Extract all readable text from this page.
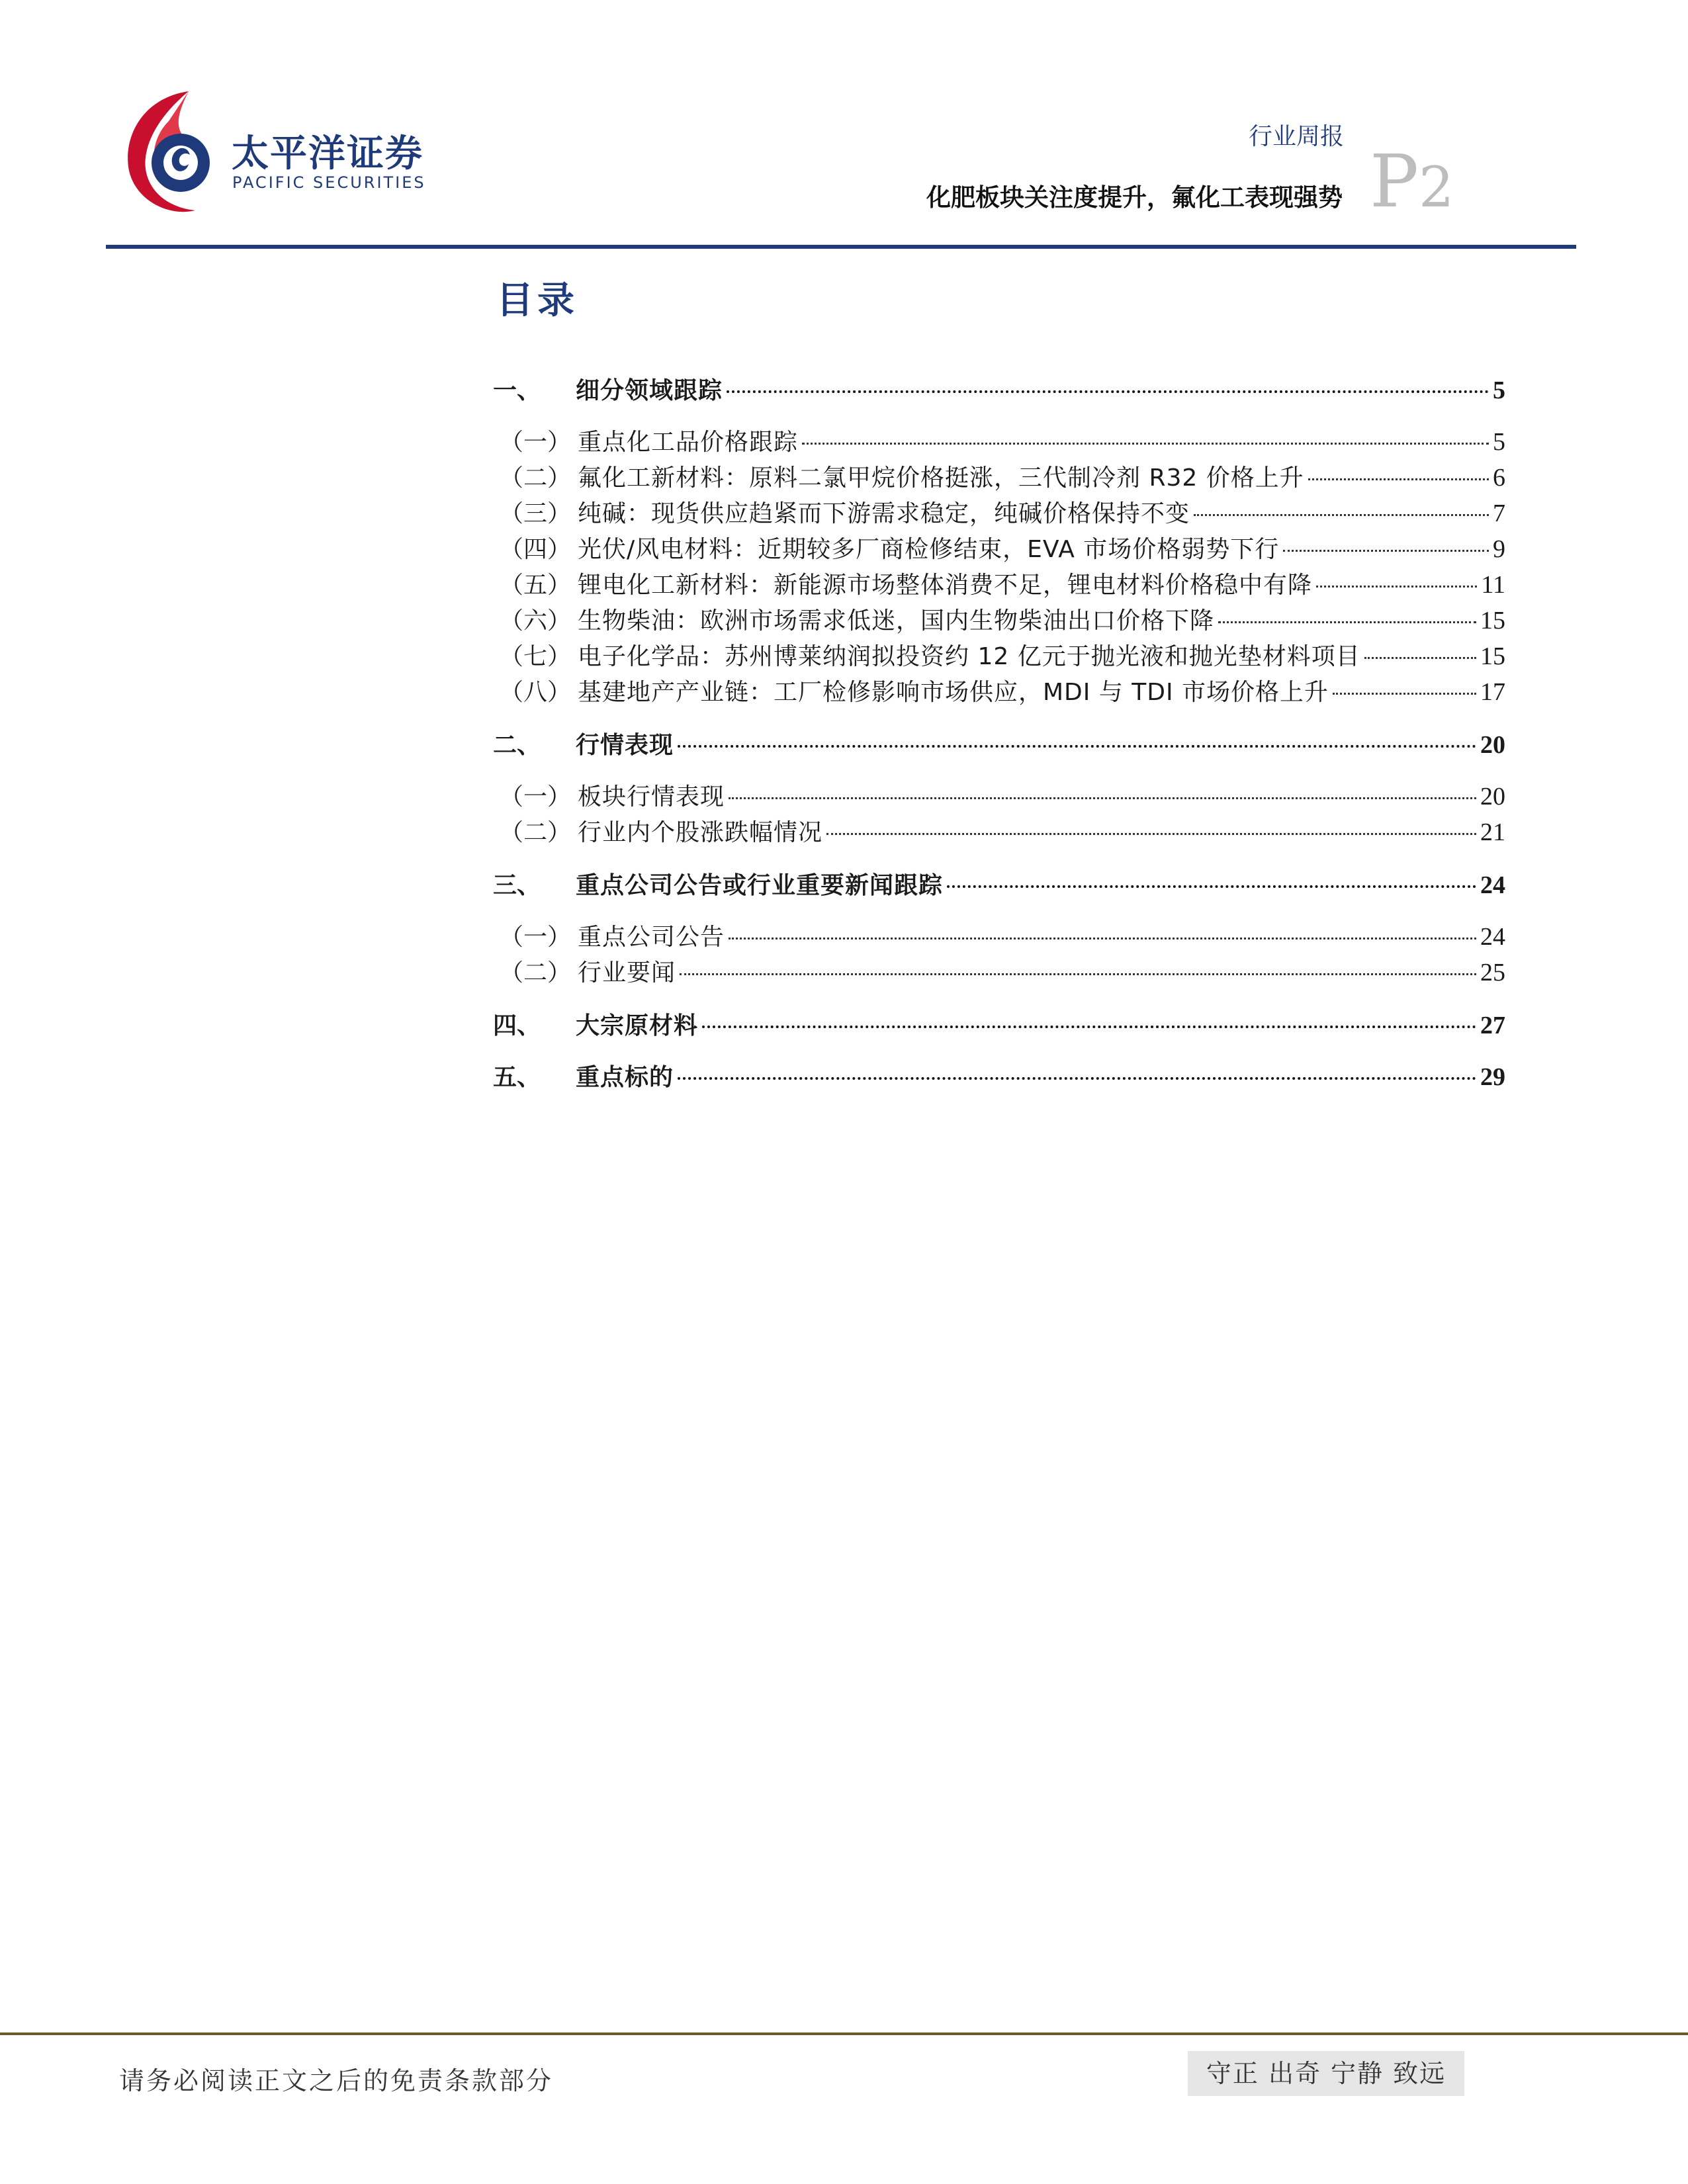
太平洋证券
PACIFIC SECURITIES
行业周报
化肥板块关注度提升，氟化工表现强势 P2
目录
一、	细分领域跟踪	5
（一） 重点化工品价格跟踪	5
（二） 氟化工新材料：原料二氯甲烷价格挺涨，三代制冷剂 R32 价格上升	6
（三） 纯碱：现货供应趋紧而下游需求稳定，纯碱价格保持不变	7
（四） 光伏/风电材料：近期较多厂商检修结束，EVA 市场价格弱势下行	9
（五） 锂电化工新材料：新能源市场整体消费不足，锂电材料价格稳中有降	11
（六） 生物柴油：欧洲市场需求低迷，国内生物柴油出口价格下降	15
（七） 电子化学品：苏州博莱纳润拟投资约 12 亿元于抛光液和抛光垫材料项目	15
（八） 基建地产产业链：工厂检修影响市场供应，MDI 与 TDI 市场价格上升	17
二、	行情表现	20
（一） 板块行情表现	20
（二） 行业内个股涨跌幅情况	21
三、	重点公司公告或行业重要新闻跟踪	24
（一） 重点公司公告	24
（二） 行业要闻	25
四、	大宗原材料	27
五、	重点标的	29
请务必阅读正文之后的免责条款部分	守正 出奇 宁静 致远
